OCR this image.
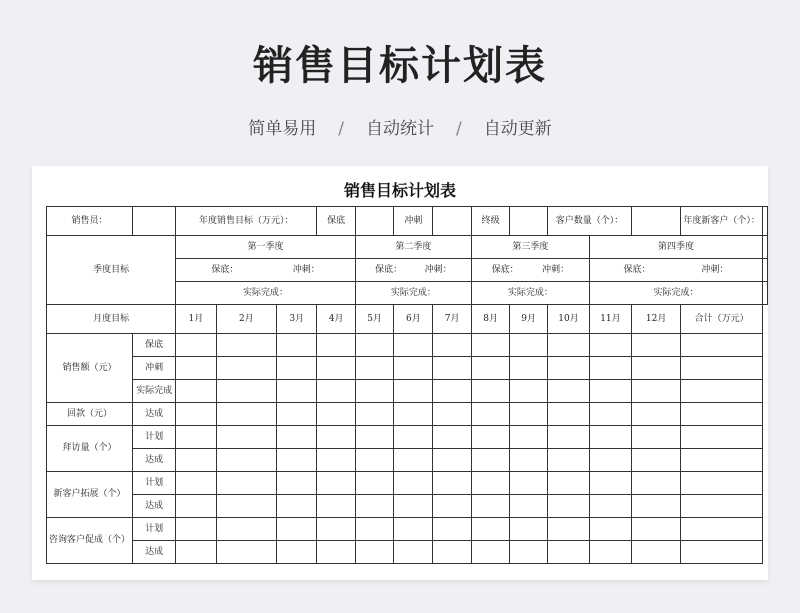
销售目标计划表
简单易用 / 自动统计 / 自动更新
销售目标计划表
销售员：		年度销售目标（万元）：			保底		冲刺		终级		客户数量（个）：			年度新客户（个）：	
季度目标		第一季度				第二季度			第三季度			第四季度			

		保底： 冲刺：				保底： 冲刺：			保底： 冲刺：			保底： 冲刺：			

		实际完成：				实际完成：			实际完成：			实际完成：			
月度目标		1月	2月	3月	4月	5月	6月	7月	8月	9月	10月	11月	12月	合计（万元）	
销售额（元）	保底														
	冲刺														
	实际完成														
回款（元）	达成														
拜访量（个）	计划														
	达成														
新客户拓展（个）	计划														
	达成														
咨询客户促成（个）	计划														
	达成														
